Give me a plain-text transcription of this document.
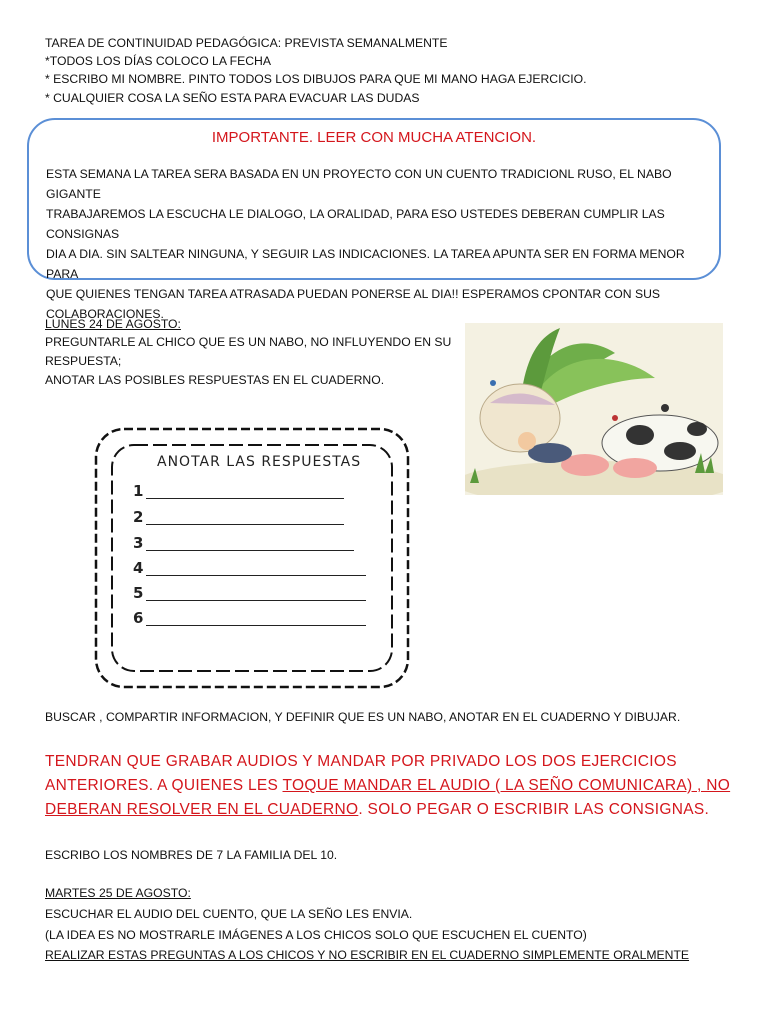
TAREA DE CONTINUIDAD PEDAGÓGICA: PREVISTA SEMANALMENTE
*TODOS LOS DÍAS COLOCO LA FECHA
* ESCRIBO MI NOMBRE. PINTO TODOS LOS DIBUJOS PARA QUE MI MANO HAGA EJERCICIO.
* CUALQUIER COSA LA SEÑO ESTA PARA EVACUAR LAS DUDAS
IMPORTANTE. LEER CON MUCHA ATENCION.
ESTA SEMANA LA TAREA SERA BASADA EN UN PROYECTO CON UN CUENTO TRADICIONL RUSO, EL NABO GIGANTE
TRABAJAREMOS LA ESCUCHA LE DIALOGO, LA ORALIDAD, PARA ESO USTEDES DEBERAN CUMPLIR LAS CONSIGNAS
DIA A DIA. SIN SALTEAR NINGUNA, Y SEGUIR LAS INDICACIONES. LA TAREA APUNTA SER EN FORMA MENOR PARA
QUE QUIENES TENGAN TAREA ATRASADA PUEDAN PONERSE AL DIA!! ESPERAMOS CPONTAR CON SUS
COLABORACIONES.
LUNES 24 DE AGOSTO:
PREGUNTARLE AL CHICO QUE ES UN NABO, NO INFLUYENDO EN SU
RESPUESTA;
ANOTAR LAS POSIBLES RESPUESTAS EN EL CUADERNO.
ANOTAR LAS RESPUESTAS
1
2
3
4
5
6
BUSCAR , COMPARTIR INFORMACION, Y DEFINIR QUE ES UN NABO, ANOTAR EN EL CUADERNO Y DIBUJAR.
TENDRAN QUE GRABAR AUDIOS Y MANDAR POR PRIVADO LOS DOS EJERCICIOS
ANTERIORES. A QUIENES LES TOQUE MANDAR EL AUDIO ( LA SEÑO COMUNICARA) , NO
DEBERAN RESOLVER EN EL CUADERNO. SOLO PEGAR O ESCRIBIR LAS CONSIGNAS.
ESCRIBO LOS NOMBRES DE 7 LA FAMILIA DEL 10.
MARTES 25 DE AGOSTO:
ESCUCHAR EL AUDIO DEL CUENTO, QUE LA SEÑO LES ENVIA.
(LA IDEA ES NO MOSTRARLE IMÁGENES A LOS CHICOS SOLO QUE ESCUCHEN EL CUENTO)
REALIZAR ESTAS PREGUNTAS A LOS CHICOS Y NO ESCRIBIR EN EL CUADERNO SIMPLEMENTE ORALMENTE
